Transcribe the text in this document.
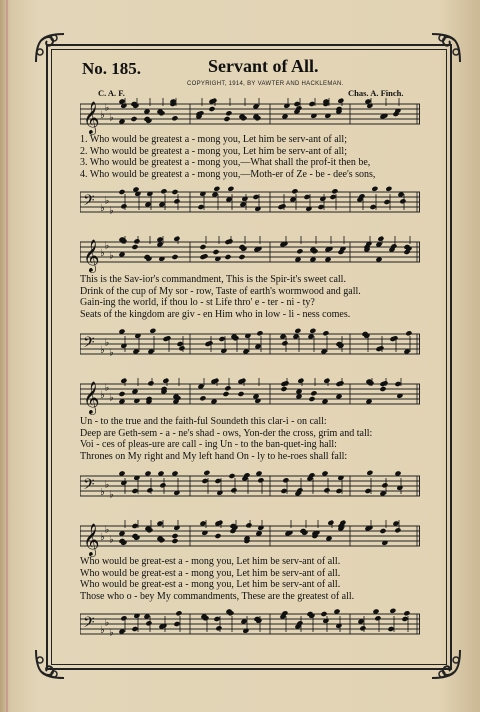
No. 185.	Servant of All.
COPYRIGHT, 1914, BY VAWTER AND HACKLEMAN.
C. A. F.	Chas. A. Finch.
𝄞 ♭
♭
♭
1. Who would be greatest a - mong you, Let him be serv-ant of all;
2. Who would be greatest a - mong you, Let him be serv-ant of all;
3. Who would be greatest a - mong you,—What shall the prof-it then be,
4. Who would be greatest a - mong you,—Moth-er of Ze - be - dee's sons,
𝄢 ♭
♭
♭
𝄞 ♭
♭
♭
This is the Sav-ior's commandment, This is the Spir-it's sweet call.
Drink of the cup of My sor - row, Taste of earth's wormwood and gall.
Gain-ing the world, if thou lo - st Life thro' e - ter - ni - ty?
Seats of the kingdom are giv - en Him who in low - li - ness comes.
𝄢 ♭
♭
♭
𝄞 ♭
♭
♭
Un - to the true and the faith-ful Soundeth this clar-i - on call:
Deep are Geth-sem - a - ne's shad - ows, Yon-der the cross, grim and tall:
Voi - ces of pleas-ure are call - ing Un - to the ban-quet-ing hall:
Thrones on My right and My left hand On - ly to he-roes shall fall:
𝄢 ♭
♭
♭
𝄞 ♭
♭
♭
Who would be great-est a - mong you, Let him be serv-ant of all.
Who would be great-est a - mong you, Let him be serv-ant of all.
Who would be great-est a - mong you, Let him be serv-ant of all.
Those who o - bey My commandments, These are the greatest of all.
𝄢 ♭
♭
♭
